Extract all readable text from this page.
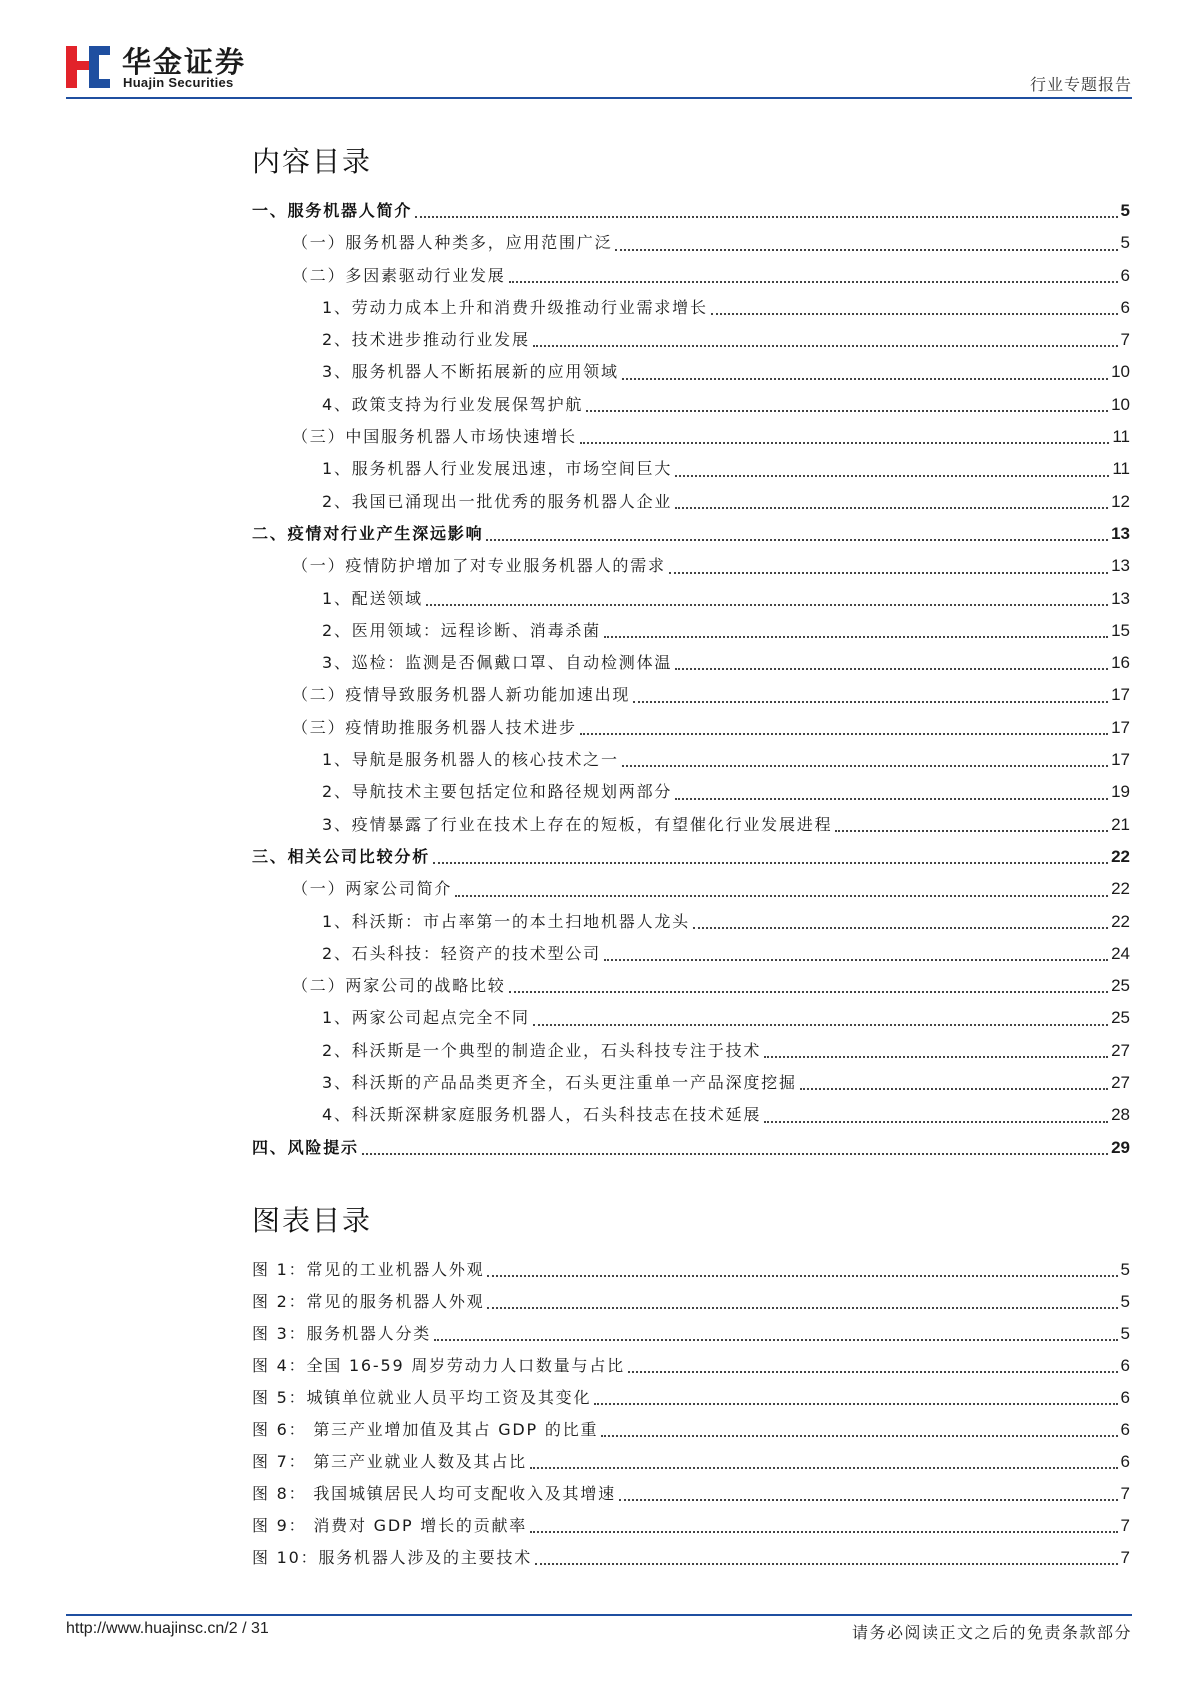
华金证券
Huajin Securities	行业专题报告
内容目录
一、服务机器人简介	5
（一）服务机器人种类多，应用范围广泛	5
（二）多因素驱动行业发展	6
1、劳动力成本上升和消费升级推动行业需求增长	6
2、技术进步推动行业发展	7
3、服务机器人不断拓展新的应用领域	10
4、政策支持为行业发展保驾护航	10
（三）中国服务机器人市场快速增长	11
1、服务机器人行业发展迅速，市场空间巨大	11
2、我国已涌现出一批优秀的服务机器人企业	12
二、疫情对行业产生深远影响	13
（一）疫情防护增加了对专业服务机器人的需求	13
1、配送领域	13
2、医用领域：远程诊断、消毒杀菌	15
3、巡检：监测是否佩戴口罩、自动检测体温	16
（二）疫情导致服务机器人新功能加速出现	17
（三）疫情助推服务机器人技术进步	17
1、导航是服务机器人的核心技术之一	17
2、导航技术主要包括定位和路径规划两部分	19
3、疫情暴露了行业在技术上存在的短板，有望催化行业发展进程	21
三、相关公司比较分析	22
（一）两家公司简介	22
1、科沃斯：市占率第一的本土扫地机器人龙头	22
2、石头科技：轻资产的技术型公司	24
（二）两家公司的战略比较	25
1、两家公司起点完全不同	25
2、科沃斯是一个典型的制造企业，石头科技专注于技术	27
3、科沃斯的产品品类更齐全，石头更注重单一产品深度挖掘	27
4、科沃斯深耕家庭服务机器人，石头科技志在技术延展	28
四、风险提示	29
图表目录
图 1：常见的工业机器人外观	5
图 2：常见的服务机器人外观	5
图 3：服务机器人分类	5
图 4：全国 16-59 周岁劳动力人口数量与占比	6
图 5：城镇单位就业人员平均工资及其变化	6
图 6： 第三产业增加值及其占 GDP 的比重	6
图 7： 第三产业就业人数及其占比	6
图 8： 我国城镇居民人均可支配收入及其增速	7
图 9： 消费对 GDP 增长的贡献率	7
图 10：服务机器人涉及的主要技术	7
http://www.huajinsc.cn/2 / 31	请务必阅读正文之后的免责条款部分
